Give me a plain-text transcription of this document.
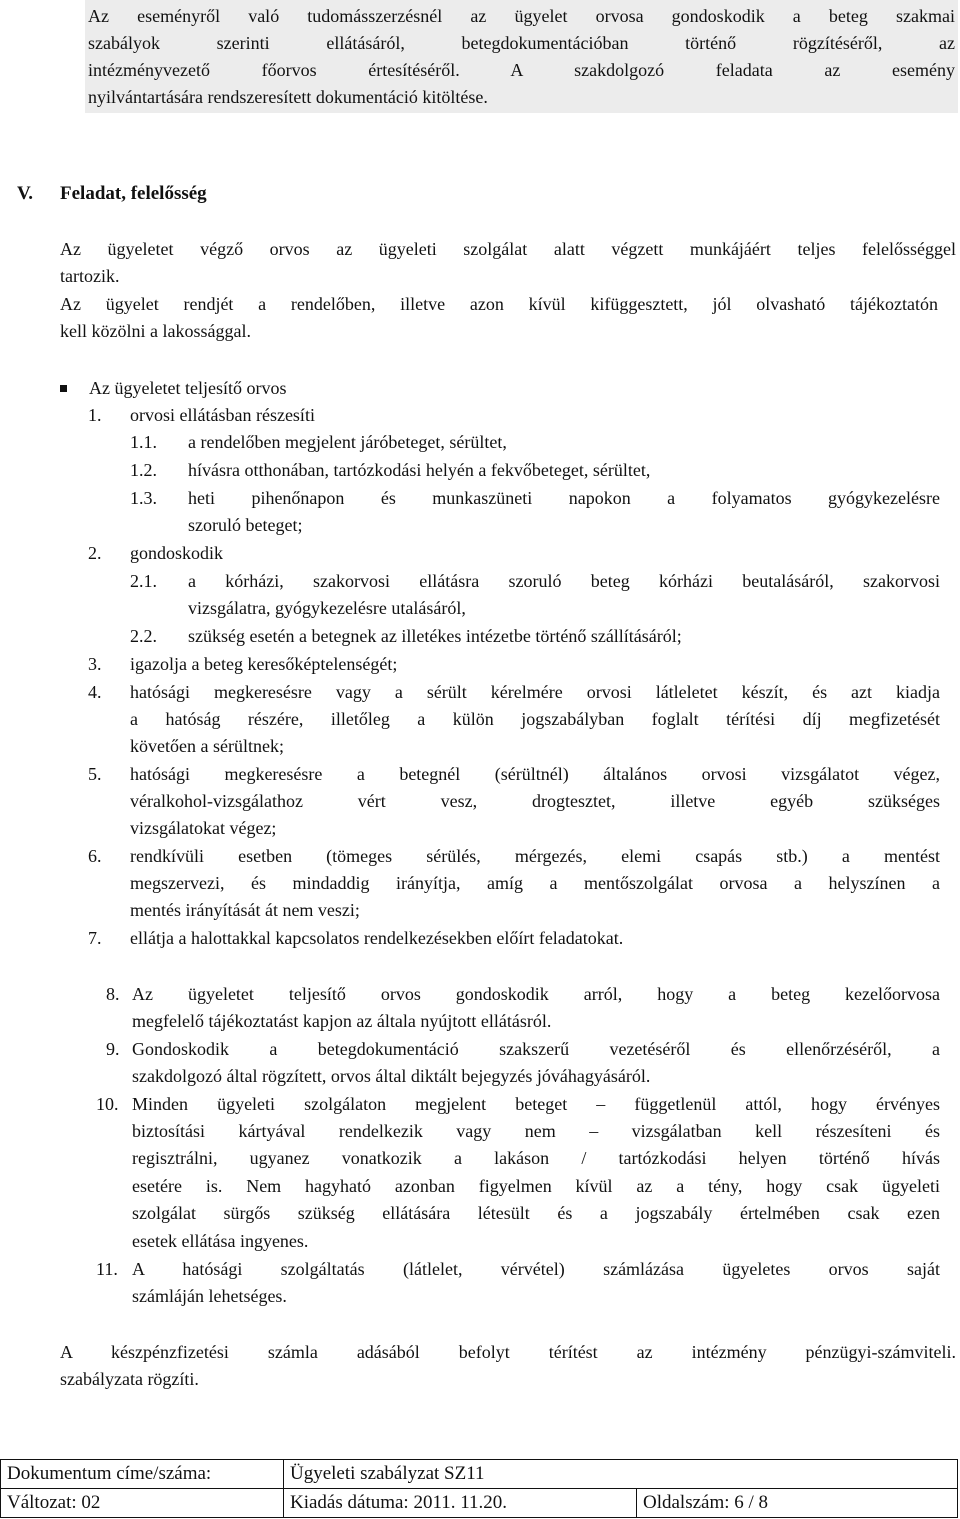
Az eseményről való tudomásszerzésnél az ügyelet orvosa gondoskodik a beteg szakmai
szabályok szerinti ellátásáról, betegdokumentációban történő rögzítéséről, az
intézményvezető főorvos értesítéséről. A szakdolgozó feladata az esemény
nyilvántartására rendszeresített dokumentáció kitöltése.
V. Feladat, felelősség
Az ügyeletet végző orvos az ügyeleti szolgálat alatt végzett munkájáért teljes felelősséggel
tartozik.
Az ügyelet rendjét a rendelőben, illetve azon kívül kifüggesztett, jól olvasható tájékoztatón
kell közölni a lakossággal.
Az ügyeletet teljesítő orvos
1. orvosi ellátásban részesíti
1.1. a rendelőben megjelent járóbeteget, sérültet,
1.2. hívásra otthonában, tartózkodási helyén a fekvőbeteget, sérültet,
1.3. heti pihenőnapon és munkaszüneti napokon a folyamatos gyógykezelésre
szoruló beteget;
2. gondoskodik
2.1. a kórházi, szakorvosi ellátásra szoruló beteg kórházi beutalásáról, szakorvosi
vizsgálatra, gyógykezelésre utalásáról,
2.2. szükség esetén a betegnek az illetékes intézetbe történő szállításáról;
3. igazolja a beteg keresőképtelenségét;
4. hatósági megkeresésre vagy a sérült kérelmére orvosi látleletet készít, és azt kiadja
a hatóság részére, illetőleg a külön jogszabályban foglalt térítési díj megfizetését
követően a sérültnek;
5. hatósági megkeresésre a betegnél (sérültnél) általános orvosi vizsgálatot végez,
véralkohol-vizsgálathoz vért vesz, drogtesztet, illetve egyéb szükséges
vizsgálatokat végez;
6. rendkívüli esetben (tömeges sérülés, mérgezés, elemi csapás stb.) a mentést
megszervezi, és mindaddig irányítja, amíg a mentőszolgálat orvosa a helyszínen a
mentés irányítását át nem veszi;
7. ellátja a halottakkal kapcsolatos rendelkezésekben előírt feladatokat.
8. Az ügyeletet teljesítő orvos gondoskodik arról, hogy a beteg kezelőorvosa
megfelelő tájékoztatást kapjon az általa nyújtott ellátásról.
9. Gondoskodik a betegdokumentáció szakszerű vezetéséről és ellenőrzéséről, a
szakdolgozó által rögzített, orvos által diktált bejegyzés jóváhagyásáról.
10. Minden ügyeleti szolgálaton megjelent beteget – függetlenül attól, hogy érvényes
biztosítási kártyával rendelkezik vagy nem – vizsgálatban kell részesíteni és
regisztrálni, ugyanez vonatkozik a lakáson / tartózkodási helyen történő hívás
esetére is. Nem hagyható azonban figyelmen kívül az a tény, hogy csak ügyeleti
szolgálat sürgős szükség ellátására létesült és a jogszabály értelmében csak ezen
esetek ellátása ingyenes.
11. A hatósági szolgáltatás (látlelet, vérvétel) számlázása ügyeletes orvos saját
számláján lehetséges.
A készpénzfizetési számla adásából befolyt térítést az intézmény pénzügyi-számviteli.
szabályzata rögzíti.
Dokumentum címe/száma:	Ügyeleti szabályzat SZ11	
Változat: 02	Kiadás dátuma: 2011. 11.20.	Oldalszám: 6 / 8
